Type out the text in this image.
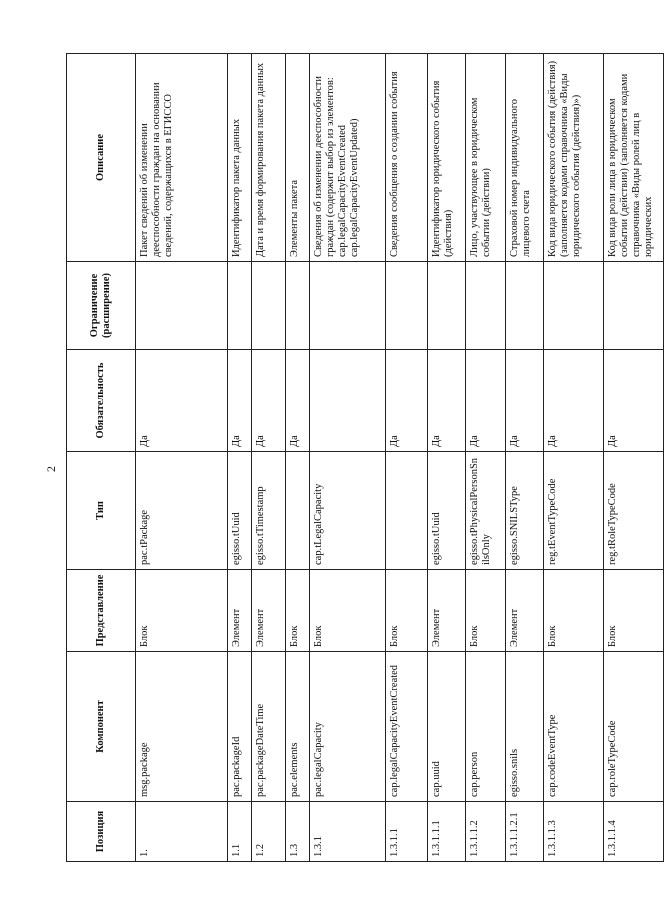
2
Позиция	Компонент	Представление	Тип	Обязательность	Ограничение (расширение)	Описание
1.	msg.package	Блок	pac.tPackage	Да		Пакет сведений об изменении дееспособности граждан на основании сведений, содержащихся в ЕГИССО
1.1	pac.packageId	Элемент	egisso.tUuid	Да		Идентификатор пакета данных
1.2	pac.packageDateTime	Элемент	egisso.tTimestamp	Да		Дата и время формирования пакета данных
1.3	pac.elements	Блок		Да		Элементы пакета
1.3.1	pac.legalCapacity	Блок	cap.tLegalCapacity			Сведения об изменении дееспособности граждан (содержит выбор из элементов: cap.legalCapacityEventCreated cap.legalCapacityEventUpdated)
1.3.1.1	cap.legalCapacityEventCreated	Блок		Да		Сведения сообщения о создании события
1.3.1.1.1	cap.uuid	Элемент	egisso.tUuid	Да		Идентификатор юридического события (действия)
1.3.1.1.2	cap.person	Блок	egisso.tPhysicalPersonSnilsOnly	Да		Лицо, участвующее в юридическом событии (действии)
1.3.1.1.2.1	egisso.snils	Элемент	egisso.SNILSType	Да		Страховой номер индивидуального лицевого счета
1.3.1.1.3	cap.codeEventType	Блок	reg.tEventTypeCode	Да		Код вида юридического события (действия) (заполняется кодами справочника «Виды юридического события (действия)»)
1.3.1.1.4	cap.roleTypeCode	Блок	reg.tRoleTypeCode	Да		Код вида роли лица в юридическом событии (действии) (заполняется кодами справочника «Виды ролей лиц в юридических
